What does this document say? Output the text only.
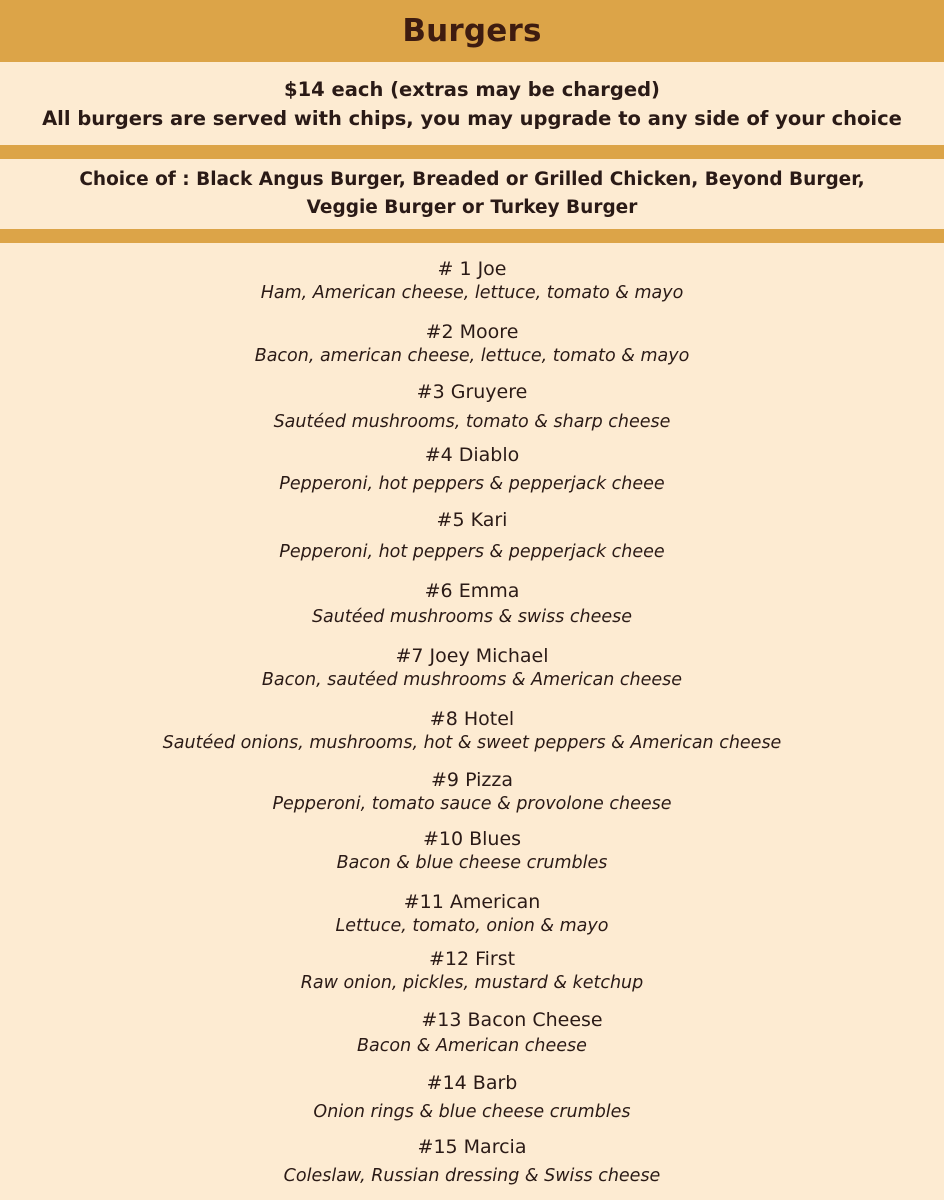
Burgers
$14 each (extras may be charged)
All burgers are served with chips, you may upgrade to any side of your choice
Choice of : Black Angus Burger, Breaded or Grilled Chicken, Beyond Burger,
Veggie Burger or Turkey Burger
# 1 Joe
Ham, American cheese, lettuce, tomato & mayo
#2 Moore
Bacon, american cheese, lettuce, tomato & mayo
#3 Gruyere
Sautéed mushrooms, tomato & sharp cheese
#4 Diablo
Pepperoni, hot peppers & pepperjack cheee
#5 Kari
Pepperoni, hot peppers & pepperjack cheee
#6 Emma
Sautéed mushrooms & swiss cheese
#7 Joey Michael
Bacon, sautéed mushrooms & American cheese
#8 Hotel
Sautéed onions, mushrooms, hot & sweet peppers & American cheese
#9 Pizza
Pepperoni, tomato sauce & provolone cheese
#10 Blues
Bacon & blue cheese crumbles
#11 American
Lettuce, tomato, onion & mayo
#12 First
Raw onion, pickles, mustard & ketchup
#13 Bacon Cheese
Bacon & American cheese
#14 Barb
Onion rings & blue cheese crumbles
#15 Marcia
Coleslaw, Russian dressing & Swiss cheese
